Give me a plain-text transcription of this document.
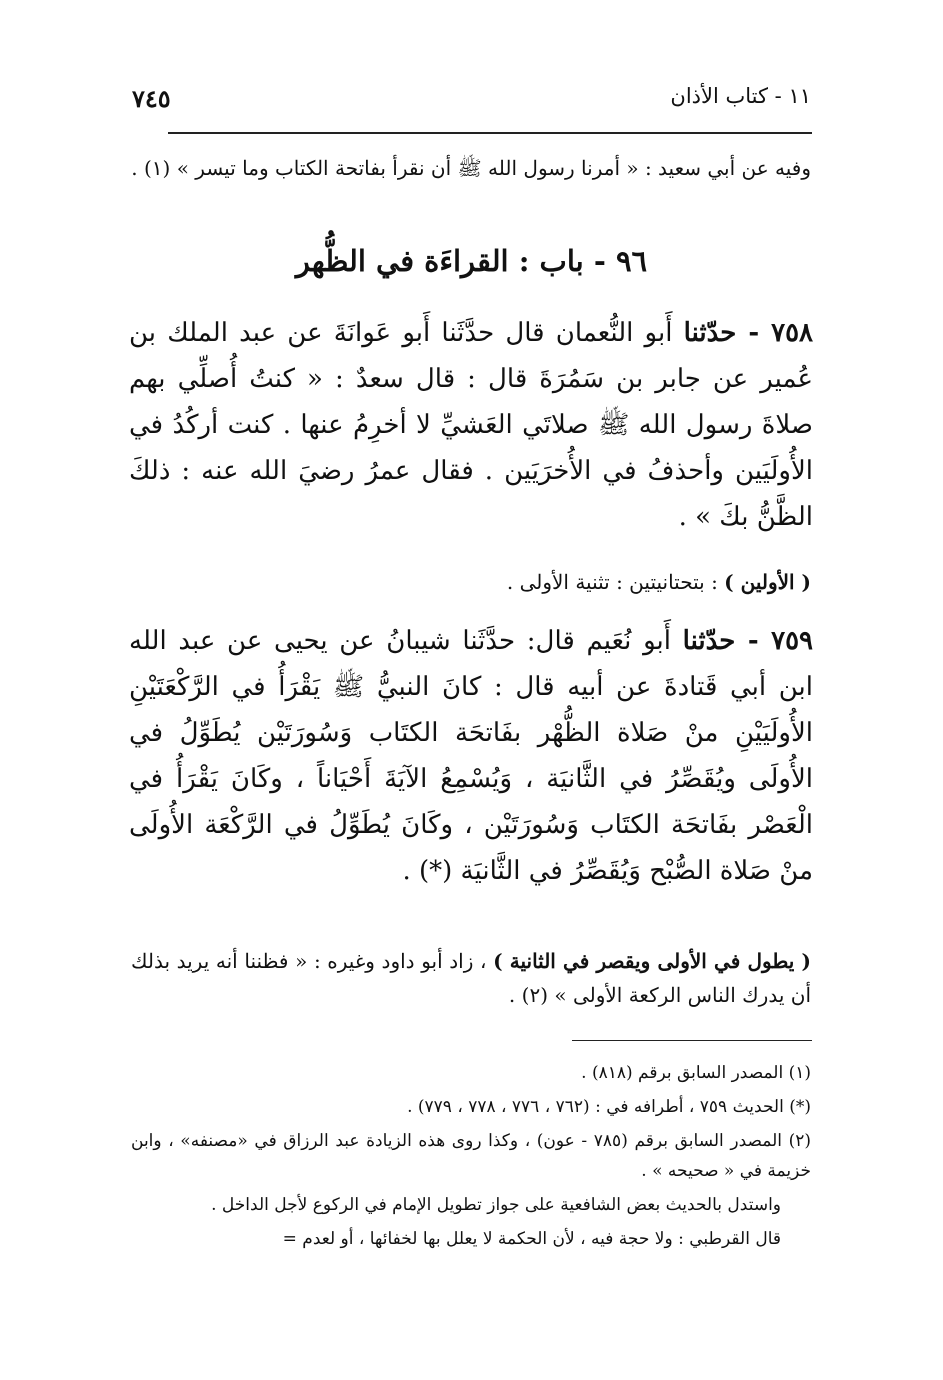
١١ - كتاب الأذان
٧٤٥

وفيه عن أبي سعيد : « أمرنا رسول الله ﷺ أن نقرأ بفاتحة الكتاب وما تيسر » (١) .

٩٦ - باب : القراءَة في الظُّهر

٧٥٨ - حدّثنا أَبو النُّعمان قال حدَّثَنا أَبو عَوانَةَ عن عبد الملك بن عُمير عن جابر بن سَمُرَةَ قال : قال سعدٌ : « كنتُ أُصلِّي بهم صلاةَ رسول الله ﷺ صلاتَي العَشيِّ لا أخرِمُ عنها . كنت أركُدُ في الأُولَيَين وأحذفُ في الأُخرَيَين . فقال عمرُ رضيَ الله عنه : ذلكَ الظَّنُّ بكَ » .

( الأولين ) : بتحتانيتين : تثنية الأولى .

٧٥٩ - حدّثنا أَبو نُعَيم قال: حدَّثَنا شيبانُ عن يحيى عن عبد الله ابن أبي قَتادةَ عن أبيه قال : كانَ النبيُّ ﷺ يَقْرَأُ في الرَّكْعَتَيْنِ الأُولَيَيْنِ منْ صَلاة الظُّهْر بفَاتحَة الكتَاب وَسُورَتَيْن يُطَوِّلُ في الأُولَى ويُقَصِّرُ في الثَّانيَة ، وَيُسْمِعُ الآيَةَ أَحْيَاناً ، وكَانَ يَقْرَأُ في الْعَصْر بفَاتحَة الكتَاب وَسُورَتَيْن ، وكَانَ يُطَوِّلُ في الرَّكْعَة الأُولَى منْ صَلاة الصُّبْح وَيُقَصِّرُ في الثَّانيَة (*) .

( يطول في الأولى ويقصر في الثانية ) ، زاد أبو داود وغيره : « فظننا أنه يريد بذلك أن يدرك الناس الركعة الأولى » (٢) .

(١) المصدر السابق برقم (٨١٨) .

(*) الحديث ٧٥٩ ، أطرافه في : (٧٦٢ ، ٧٧٦ ، ٧٧٨ ، ٧٧٩) .

(٢) المصدر السابق برقم (٧٨٥ - عون) ، وكذا روى هذه الزيادة عبد الرزاق في «مصنفه» ، وابن خزيمة في « صحيحه » .

واستدل بالحديث بعض الشافعية على جواز تطويل الإمام في الركوع لأجل الداخل .

قال القرطبي : ولا حجة فيه ، لأن الحكمة لا يعلل بها لخفائها ، أو لعدم =
